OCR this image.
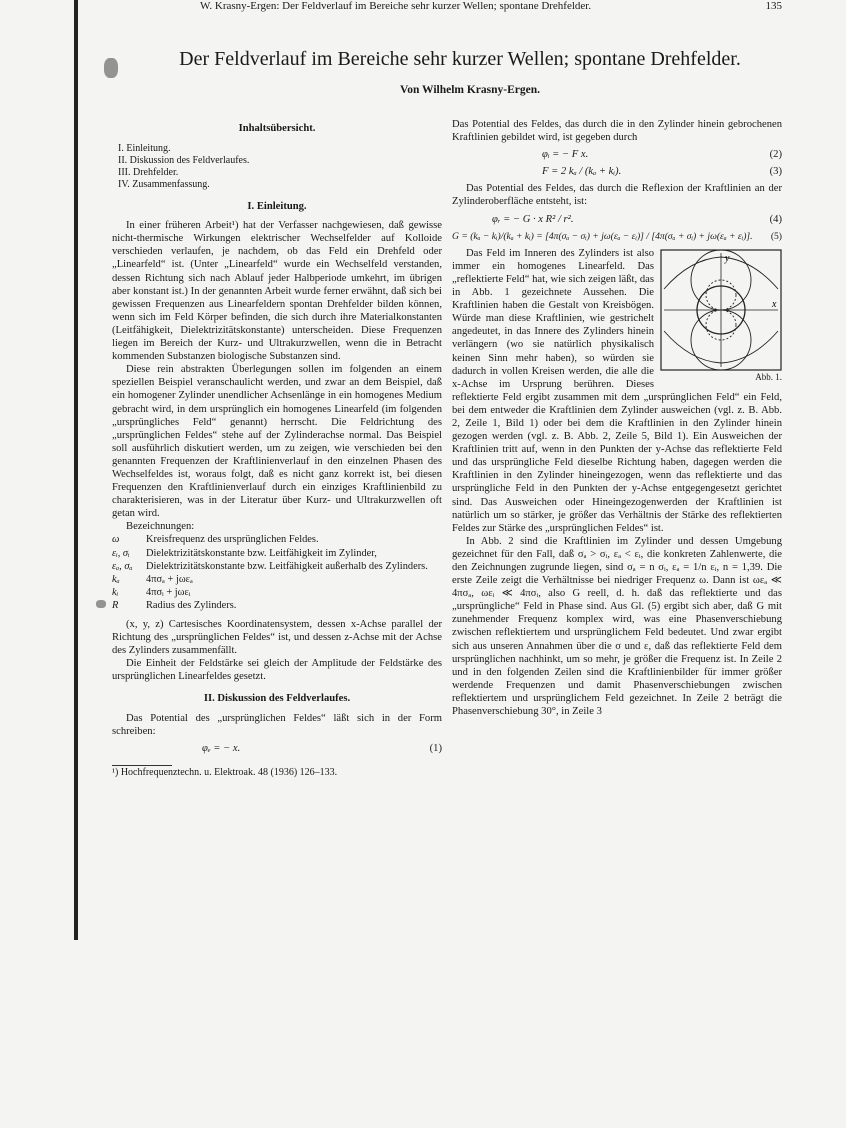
W. Krasny-Ergen: Der Feldverlauf im Bereiche sehr kurzer Wellen; spontane Drehfelder.	135
Der Feldverlauf im Bereiche sehr kurzer Wellen; spontane Drehfelder.
Von Wilhelm Krasny-Ergen.
Inhaltsübersicht.
I. Einleitung.
II. Diskussion des Feldverlaufes.
III. Drehfelder.
IV. Zusammenfassung.
I. Einleitung.

In einer früheren Arbeit¹) hat der Verfasser nachgewiesen, daß gewisse nicht-thermische Wirkungen elektrischer Wechselfelder auf Kolloide verschieden verlaufen, je nachdem, ob das Feld ein Drehfeld oder „Linearfeld“ ist. (Unter „Linearfeld“ wurde ein Wechselfeld verstanden, dessen Richtung sich nach Ablauf jeder Halbperiode umkehrt, im übrigen aber konstant ist.) In der genannten Arbeit wurde ferner erwähnt, daß sich bei gewissen Frequenzen aus Linearfeldern spontan Drehfelder bilden können, wenn sich im Feld Körper befinden, die sich durch ihre Materialkonstanten (Leitfähigkeit, Dielektrizitätskonstante) unterscheiden. Diese Frequenzen liegen im Bereich der Kurz- und Ultrakurzwellen, wenn die in Betracht kommenden Substanzen biologische Substanzen sind.

Diese rein abstrakten Überlegungen sollen im folgenden an einem speziellen Beispiel veranschaulicht werden, und zwar an dem Beispiel, daß ein homogener Zylinder unendlicher Achsenlänge in ein homogenes Medium gebracht wird, in dem ursprünglich ein homogenes Linearfeld (im folgenden „ursprüngliches Feld“ genannt) herrscht. Die Feldrichtung des „ursprünglichen Feldes“ stehe auf der Zylinderachse normal. Das Beispiel soll ausführlich diskutiert werden, um zu zeigen, wie verschieden bei den genannten Frequenzen der Kraftlinienverlauf in den einzelnen Phasen des Wechselfeldes ist, woraus folgt, daß es nicht ganz korrekt ist, bei diesen Frequenzen den Kraftlinienverlauf durch ein einziges Kraftlinienbild zu charakterisieren, was in der Literatur über Kurz- und Ultrakurzwellen oft getan wird.

Bezeichnungen:

ω	Kreisfrequenz des ursprünglichen Feldes.
εᵢ, σᵢ	Dielektrizitätskonstante bzw. Leitfähigkeit im Zylinder,
εₐ, σₐ	Dielektrizitätskonstante bzw. Leitfähigkeit außerhalb des Zylinders.
kₐ	4πσₐ + jωεₐ
kᵢ	4πσᵢ + jωεᵢ
R	Radius des Zylinders.

(x, y, z) Cartesisches Koordinatensystem, dessen x-Achse parallel der Richtung des „ursprünglichen Feldes“ ist, und dessen z-Achse mit der Achse des Zylinders zusammenfällt.

Die Einheit der Feldstärke sei gleich der Amplitude der Feldstärke des ursprünglichen Linearfeldes gesetzt.

II. Diskussion des Feldverlaufes.

Das Potential des „ursprünglichen Feldes“ läßt sich in der Form schreiben:

φₑ = − x.	(1)
¹) Hochfrequenztechn. u. Elektroak. 48 (1936) 126–133.

Das Potential des Feldes, das durch die in den Zylinder hinein gebrochenen Kraftlinien gebildet wird, ist gegeben durch

φᵢ = − F x.	(2)
F = 2 kₐ / (kₐ + kᵢ).	(3)

Das Potential des Feldes, das durch die Reflexion der Kraftlinien an der Zylinderoberfläche entsteht, ist:

φᵣ = − G · x R² / r².	(4)
G = (kₐ − kᵢ)/(kₐ + kᵢ) = [4π(σₐ − σᵢ) + jω(εₐ − εᵢ)] / [4π(σₐ + σᵢ) + jω(εₐ + εᵢ)]. (5)
x
y
Abb. 1.

Das Feld im Inneren des Zylinders ist also immer ein homogenes Linearfeld. Das „reflektierte Feld“ hat, wie sich zeigen läßt, das in Abb. 1 gezeichnete Aussehen. Die Kraftlinien haben die Gestalt von Kreisbögen. Würde man diese Kraftlinien, wie gestrichelt angedeutet, in das Innere des Zylinders hinein verlängern (wo sie natürlich physikalisch keinen Sinn mehr haben), so würden sie dadurch in vollen Kreisen werden, die alle die x-Achse im Ursprung berühren. Dieses reflektierte Feld ergibt zusammen mit dem „ursprünglichen Feld“ ein Feld, bei dem entweder die Kraftlinien dem Zylinder ausweichen (vgl. z. B. Abb. 2, Zeile 1, Bild 1) oder bei dem die Kraftlinien in den Zylinder hinein gezogen werden (vgl. z. B. Abb. 2, Zeile 5, Bild 1). Ein Ausweichen der Kraftlinien tritt auf, wenn in den Punkten der y-Achse das reflektierte Feld und das ursprüngliche Feld dieselbe Richtung haben, dagegen werden die Kraftlinien in den Zylinder hineingezogen, wenn das reflektierte und das ursprüngliche Feld in den Punkten der y-Achse entgegengesetzt gerichtet sind. Das Ausweichen oder Hineingezogenwerden der Kraftlinien ist natürlich um so stärker, je größer das Verhältnis der Stärke des reflektierten Feldes zur Stärke des „ursprünglichen Feldes“ ist.

In Abb. 2 sind die Kraftlinien im Zylinder und dessen Umgebung gezeichnet für den Fall, daß σₐ > σᵢ, εₐ < εᵢ, die konkreten Zahlenwerte, die den Zeichnungen zugrunde liegen, sind σₐ = n σᵢ, εₐ = 1/n εᵢ, n = 1,39. Die erste Zeile zeigt die Verhältnisse bei niedriger Frequenz ω. Dann ist ωεₐ ≪ 4πσₐ, ωεᵢ ≪ 4πσᵢ, also G reell, d. h. daß das reflektierte und das „ursprüngliche“ Feld in Phase sind. Aus Gl. (5) ergibt sich aber, daß G mit zunehmender Frequenz komplex wird, was eine Phasenverschiebung zwischen reflektiertem und ursprünglichem Feld bedeutet. Und zwar ergibt sich aus unseren Annahmen über die σ und ε, daß das reflektierte Feld dem ursprünglichen nachhinkt, um so mehr, je größer die Frequenz ist. In Zeile 2 und in den folgenden Zeilen sind die Kraftlinienbilder für immer größer werdende Frequenzen und damit Phasenverschiebungen zwischen reflektiertem und ursprünglichem Feld gezeichnet. In Zeile 2 beträgt die Phasenverschiebung 30°, in Zeile 3
